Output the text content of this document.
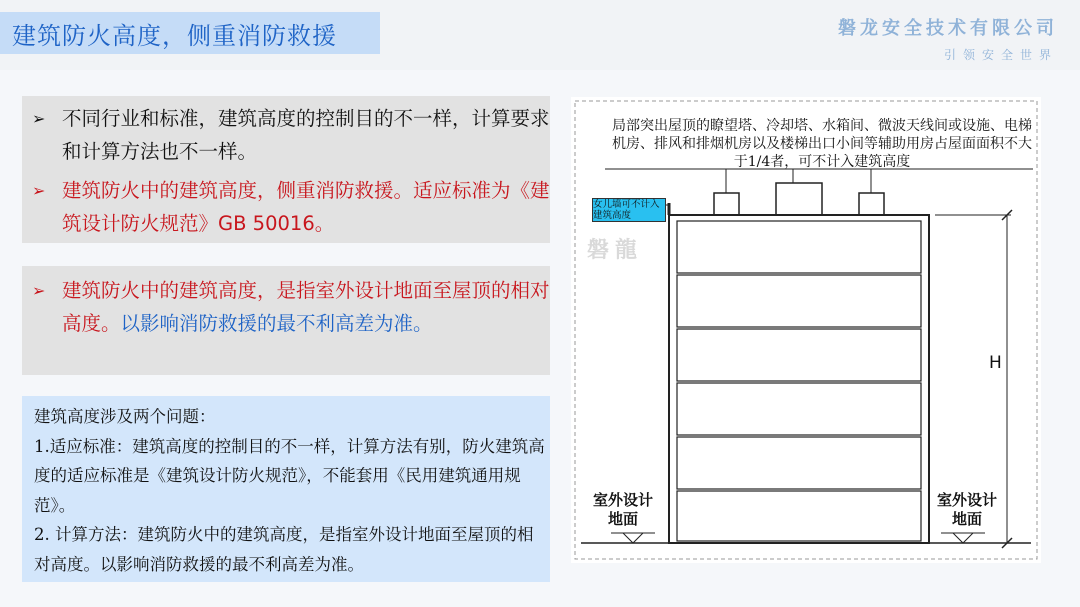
建筑防火高度，侧重消防救援	磐龙安全技术有限公司
引领安全世界
➢ 不同行业和标准，建筑高度的控制目的不一样，计算要求和计算方法也不一样。
➢ 建筑防火中的建筑高度，侧重消防救援。适应标准为《建筑设计防火规范》GB 50016。
➢ 建筑防火中的建筑高度，是指室外设计地面至屋顶的相对高度。以影响消防救援的最不利高差为准。
建筑高度涉及两个问题：
1.适应标准：建筑高度的控制目的不一样，计算方法有别，防火建筑高度的适应标准是《建筑设计防火规范》，不能套用《民用建筑通用规范》。
2. 计算方法：建筑防火中的建筑高度，是指室外设计地面至屋顶的相对高度。以影响消防救援的最不利高差为准。
局部突出屋顶的瞭望塔、冷却塔、水箱间、微波天线间或设施、电梯机房、排风和排烟机房以及楼梯出口小间等辅助用房占屋面面积不大于1/4者，可不计入建筑高度
女儿墙可不计入建筑高度
磐龍
室外设计地面
室外设计地面
H
